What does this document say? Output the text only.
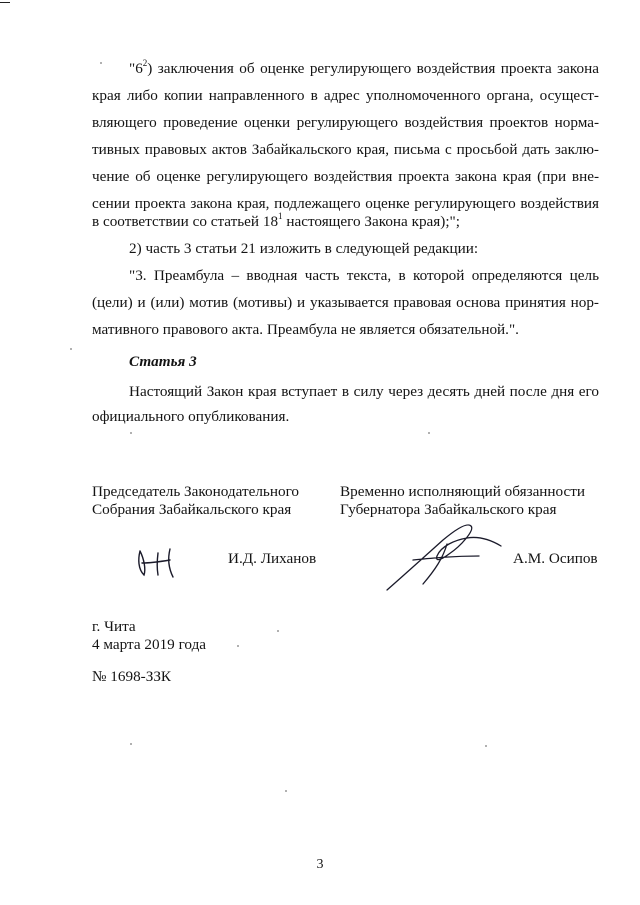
"$6^2$) заключения об оценке регулирующего воздействия проекта закона
края либо копии направленного в адрес уполномоченного органа, осущест-
вляющего проведение оценки регулирующего воздействия проектов норма-
тивных правовых актов Забайкальского края, письма с просьбой дать заклю-
чение об оценке регулирующего воздействия проекта закона края (при вне-
сении проекта закона края, подлежащего оценке регулирующего воздействия
в соответствии со статьей $18^1$ настоящего Закона края);";
2) часть 3 статьи 21 изложить в следующей редакции:
"3. Преамбула – вводная часть текста, в которой определяются цель
(цели) и (или) мотив (мотивы) и указывается правовая основа принятия нор-
мативного правового акта. Преамбула не является обязательной.".
Статья 3
Настоящий Закон края вступает в силу через десять дней после дня его
официального опубликования.
Председатель Законодательного
Собрания Забайкальского края
Временно исполняющий обязанности
Губернатора Забайкальского края
И.Д. Лиханов	А.М. Осипов
г. Чита
4 марта 2019 года
№ 1698-ЗЗК
3
